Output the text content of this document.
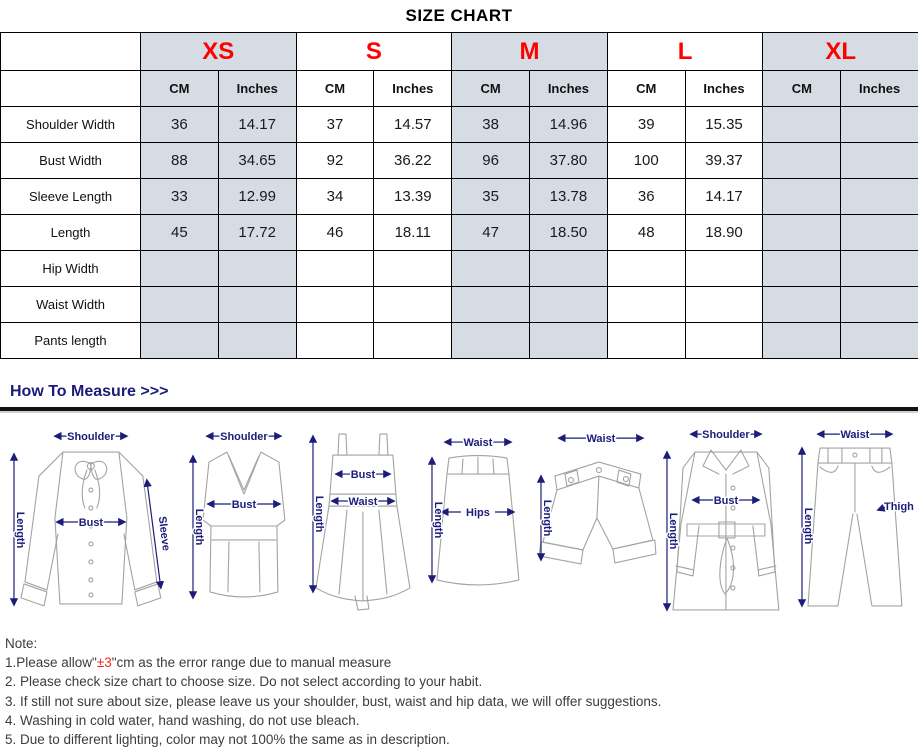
SIZE CHART
	XS		S		M		L		XL	
	CM	Inches	CM	Inches	CM	Inches	CM	Inches	CM	Inches
Shoulder Width	36	14.17	37	14.57	38	14.96	39	15.35		
Bust Width	88	34.65	92	36.22	96	37.80	100	39.37		
Sleeve Length	33	12.99	34	13.39	35	13.78	36	14.17		
Length	45	17.72	46	18.11	47	18.50	48	18.90		
Hip Width										
Waist Width										
Pants length										
How To Measure >>>
Shoulder
Bust
Length	Sleeve
Shoulder
Bust
Length
Bust
Waist
Length
Waist
Hips
Length
Waist
Length
Shoulder
Bust
Length
Waist
Thigh
Length
Note:
1.Please allow"±3"cm as the error range due to manual measure
2. Please check size chart to choose size. Do not select according to your habit.
3. If still not sure about size, please leave us your shoulder, bust, waist and hip data, we will offer suggestions.
4. Washing in cold water, hand washing, do not use bleach.
5. Due to different lighting, color may not 100% the same as in description.
